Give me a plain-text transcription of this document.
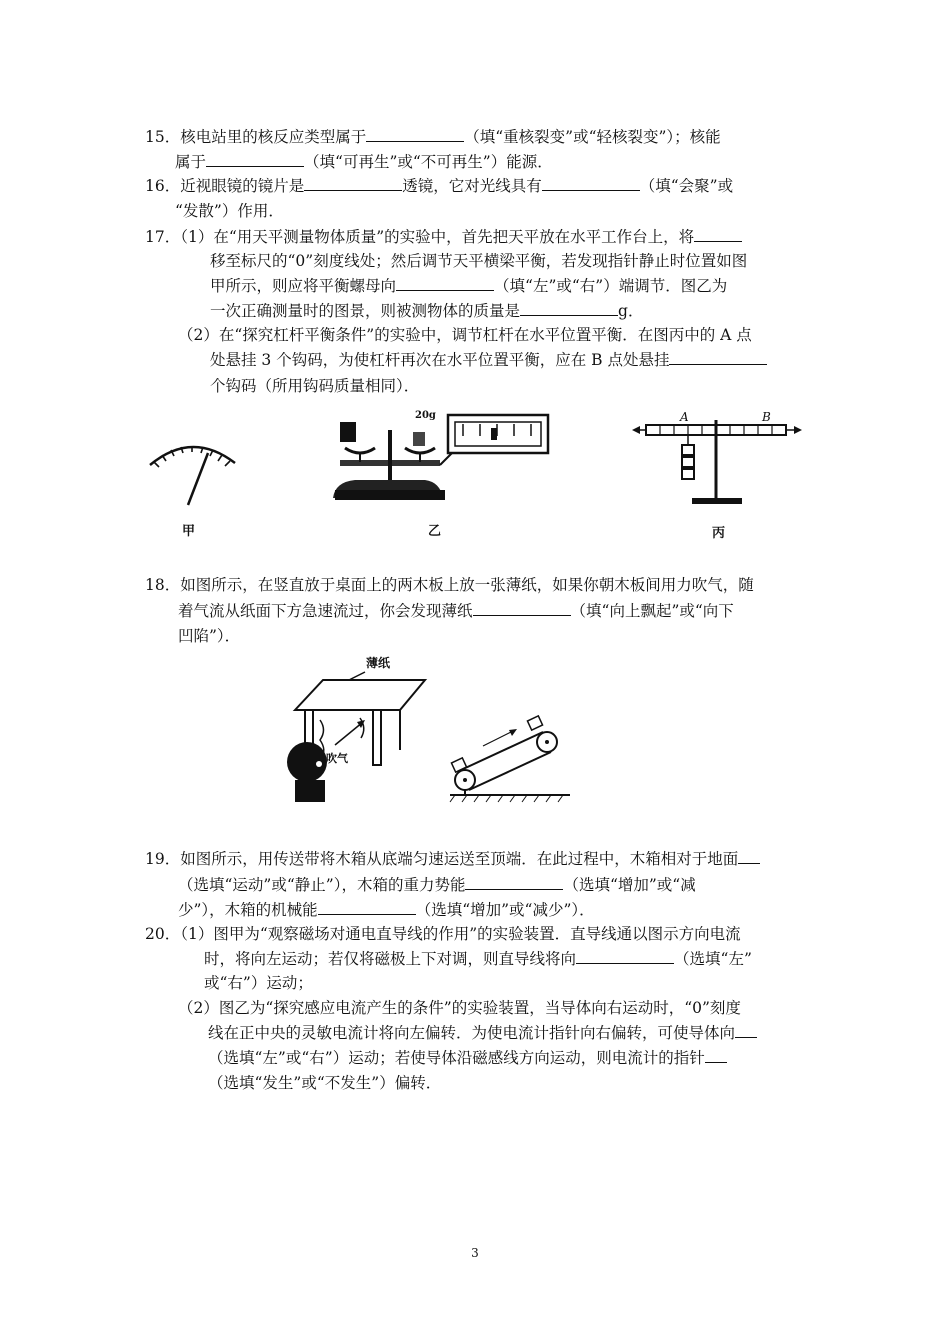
15．核电站里的核反应类型属于	（填“重核裂变”或“轻核裂变”）；核能
属于	（填“可再生”或“不可再生”）能源．
16．近视眼镜的镜片是	透镜，它对光线具有	（填“会聚”或
“发散”）作用．
17．（1）在“用天平测量物体质量”的实验中，首先把天平放在水平工作台上，将
移至标尺的“0”刻度线处；然后调节天平横梁平衡，若发现指针静止时位置如图
甲所示，则应将平衡螺母向	（填“左”或“右”）端调节．图乙为
一次正确测量时的图景，则被测物体的质量是	g．
（2）在“探究杠杆平衡条件”的实验中，调节杠杆在水平位置平衡．在图丙中的 A 点
处悬挂 3 个钩码，为使杠杆再次在水平位置平衡，应在 B 点处悬挂
个钩码（所用钩码质量相同）．
甲
20g
乙
A	B
丙
18．如图所示，在竖直放于桌面上的两木板上放一张薄纸，如果你朝木板间用力吹气，随
着气流从纸面下方急速流过，你会发现薄纸	（填“向上飘起”或“向下
凹陷”）．
薄纸
吹气
19．如图所示，用传送带将木箱从底端匀速运送至顶端．在此过程中，木箱相对于地面
（选填“运动”或“静止”），木箱的重力势能	（选填“增加”或“减
少”），木箱的机械能	（选填“增加”或“减少”）．
20．（1）图甲为“观察磁场对通电直导线的作用”的实验装置．直导线通以图示方向电流
时，将向左运动；若仅将磁极上下对调，则直导线将向	（选填“左”
或“右”）运动；
（2）图乙为“探究感应电流产生的条件”的实验装置，当导体向右运动时，“0”刻度
线在正中央的灵敏电流计将向左偏转．为使电流计指针向右偏转，可使导体向
（选填“左”或“右”）运动；若使导体沿磁感线方向运动，则电流计的指针
（选填“发生”或“不发生”）偏转．
3
